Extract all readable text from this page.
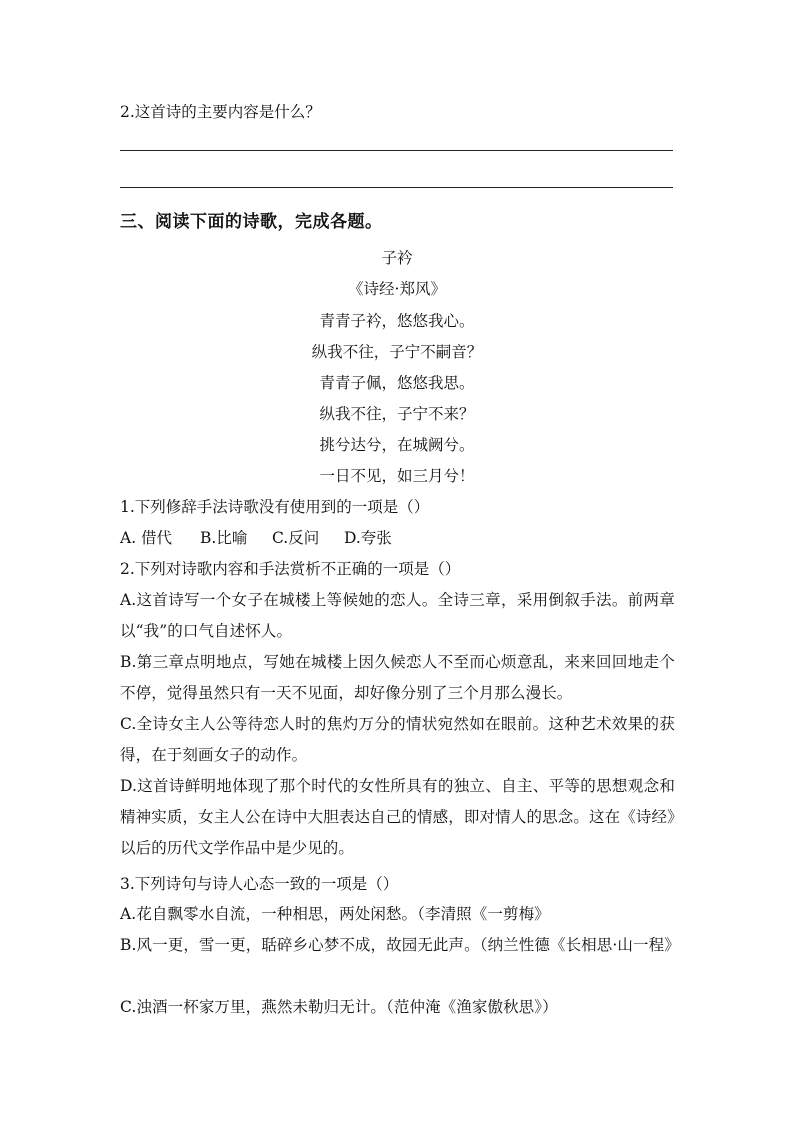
2.这首诗的主要内容是什么？
三、阅读下面的诗歌，完成各题。
子衿
《诗经·郑风》
青青子衿，悠悠我心。
纵我不往，子宁不嗣音？
青青子佩，悠悠我思。
纵我不往，子宁不来？
挑兮达兮，在城阙兮。
一日不见，如三月兮！
1.下列修辞手法诗歌没有使用到的一项是（）
A. 借代 B.比喻 C.反问 D.夸张
2.下列对诗歌内容和手法赏析不正确的一项是（）
A.这首诗写一个女子在城楼上等候她的恋人。全诗三章，采用倒叙手法。前两章以“我”的口气自述怀人。
B.第三章点明地点，写她在城楼上因久候恋人不至而心烦意乱，来来回回地走个不停，觉得虽然只有一天不见面，却好像分别了三个月那么漫长。
C.全诗女主人公等待恋人时的焦灼万分的情状宛然如在眼前。这种艺术效果的获得，在于刻画女子的动作。
D.这首诗鲜明地体现了那个时代的女性所具有的独立、自主、平等的思想观念和精神实质，女主人公在诗中大胆表达自己的情感，即对情人的思念。这在《诗经》以后的历代文学作品中是少见的。
3.下列诗句与诗人心态一致的一项是（）
A.花自飘零水自流，一种相思，两处闲愁。（李清照《一剪梅》
B.风一更，雪一更，聒碎乡心梦不成，故园无此声。（纳兰性德《长相思·山一程》
C.浊酒一杯家万里，燕然未勒归无计。（范仲淹《渔家傲秋思》）
